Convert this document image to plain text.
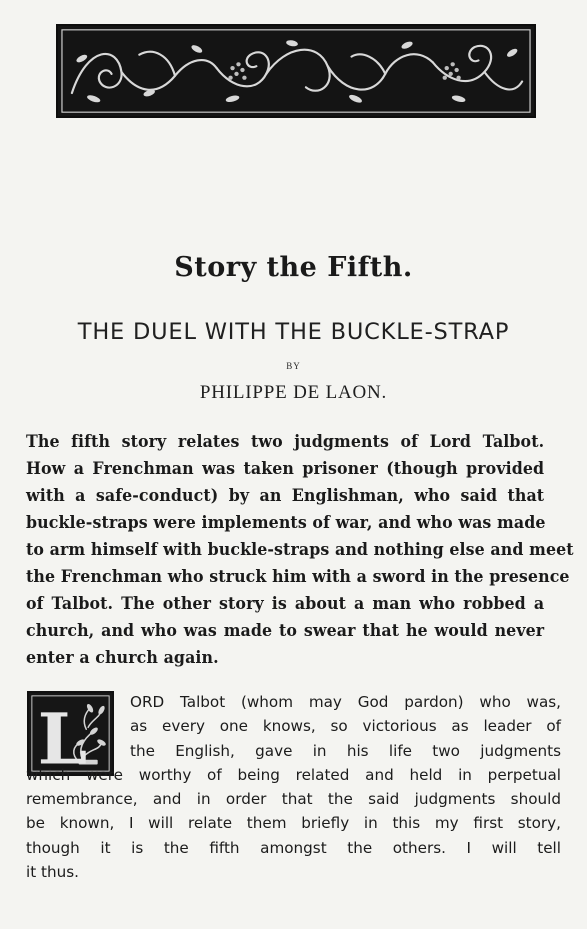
Story the Fifth.
THE DUEL WITH THE BUCKLE-STRAP
BY
PHILIPPE DE LAON.
The fifth story relates two judgments of Lord Talbot.
How a Frenchman was taken prisoner (though provided
with a safe-conduct) by an Englishman, who said that
buckle-straps were implements of war, and who was made
to arm himself with buckle-straps and nothing else and meet
the Frenchman who struck him with a sword in the presence
of Talbot. The other story is about a man who robbed a
church, and who was made to swear that he would never
enter a church again.
L	ORD Talbot (whom may God pardon) who was,
as every one knows, so victorious as leader of
the English, gave in his life two judgments
which were worthy of being related and held in perpetual
remembrance, and in order that the said judgments should
be known, I will relate them briefly in this my first story,
though it is the fifth amongst the others. I will tell
it thus.
